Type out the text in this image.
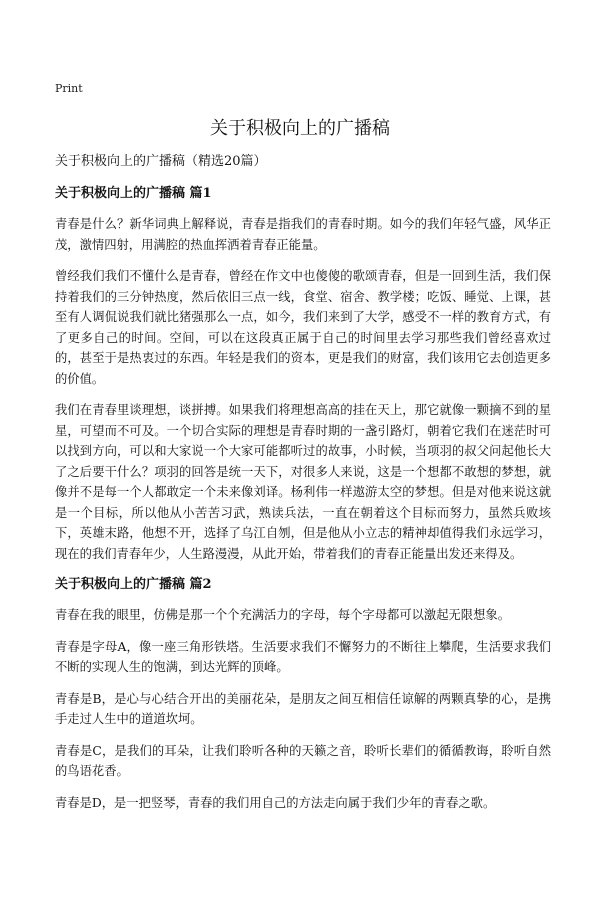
Print
关于积极向上的广播稿

关于积极向上的广播稿（精选20篇）

关于积极向上的广播稿 篇1

青春是什么？新华词典上解释说，青春是指我们的青春时期。如今的我们年轻气盛，风华正茂，激情四射，用满腔的热血挥洒着青春正能量。

曾经我们我们不懂什么是青春，曾经在作文中也傻傻的歌颂青春，但是一回到生活，我们保持着我们的三分钟热度，然后依旧三点一线，食堂、宿舍、教学楼；吃饭、睡觉、上课，甚至有人调侃说我们就比猪强那么一点，如今，我们来到了大学，感受不一样的教育方式，有了更多自己的时间。空间，可以在这段真正属于自己的时间里去学习那些我们曾经喜欢过的，甚至于是热衷过的东西。年轻是我们的资本，更是我们的财富，我们该用它去创造更多的价值。

我们在青春里谈理想，谈拼搏。如果我们将理想高高的挂在天上，那它就像一颗摘不到的星星，可望而不可及。一个切合实际的理想是青春时期的一盏引路灯，朝着它我们在迷茫时可以找到方向，可以和大家说一个大家可能都听过的故事，小时候，当项羽的叔父问起他长大了之后要干什么？项羽的回答是统一天下，对很多人来说，这是一个想都不敢想的梦想，就像并不是每一个人都敢定一个未来像刘译。杨利伟一样遨游太空的梦想。但是对他来说这就是一个目标，所以他从小苦苦习武，熟读兵法，一直在朝着这个目标而努力，虽然兵败垓下，英雄末路，他想不开，选择了乌江自刎，但是他从小立志的精神却值得我们永远学习，现在的我们青春年少，人生路漫漫，从此开始，带着我们的青春正能量出发还来得及。

关于积极向上的广播稿 篇2

青春在我的眼里，仿佛是那一个个充满活力的字母，每个字母都可以激起无限想象。

青春是字母A，像一座三角形铁塔。生活要求我们不懈努力的不断往上攀爬，生活要求我们不断的实现人生的饱满，到达光辉的顶峰。

青春是B，是心与心结合开出的美丽花朵，是朋友之间互相信任谅解的两颗真挚的心，是携手走过人生中的道道坎坷。

青春是C，是我们的耳朵，让我们聆听各种的天籁之音，聆听长辈们的循循教诲，聆听自然的鸟语花香。

青春是D，是一把竖琴，青春的我们用自己的方法走向属于我们少年的青春之歌。
